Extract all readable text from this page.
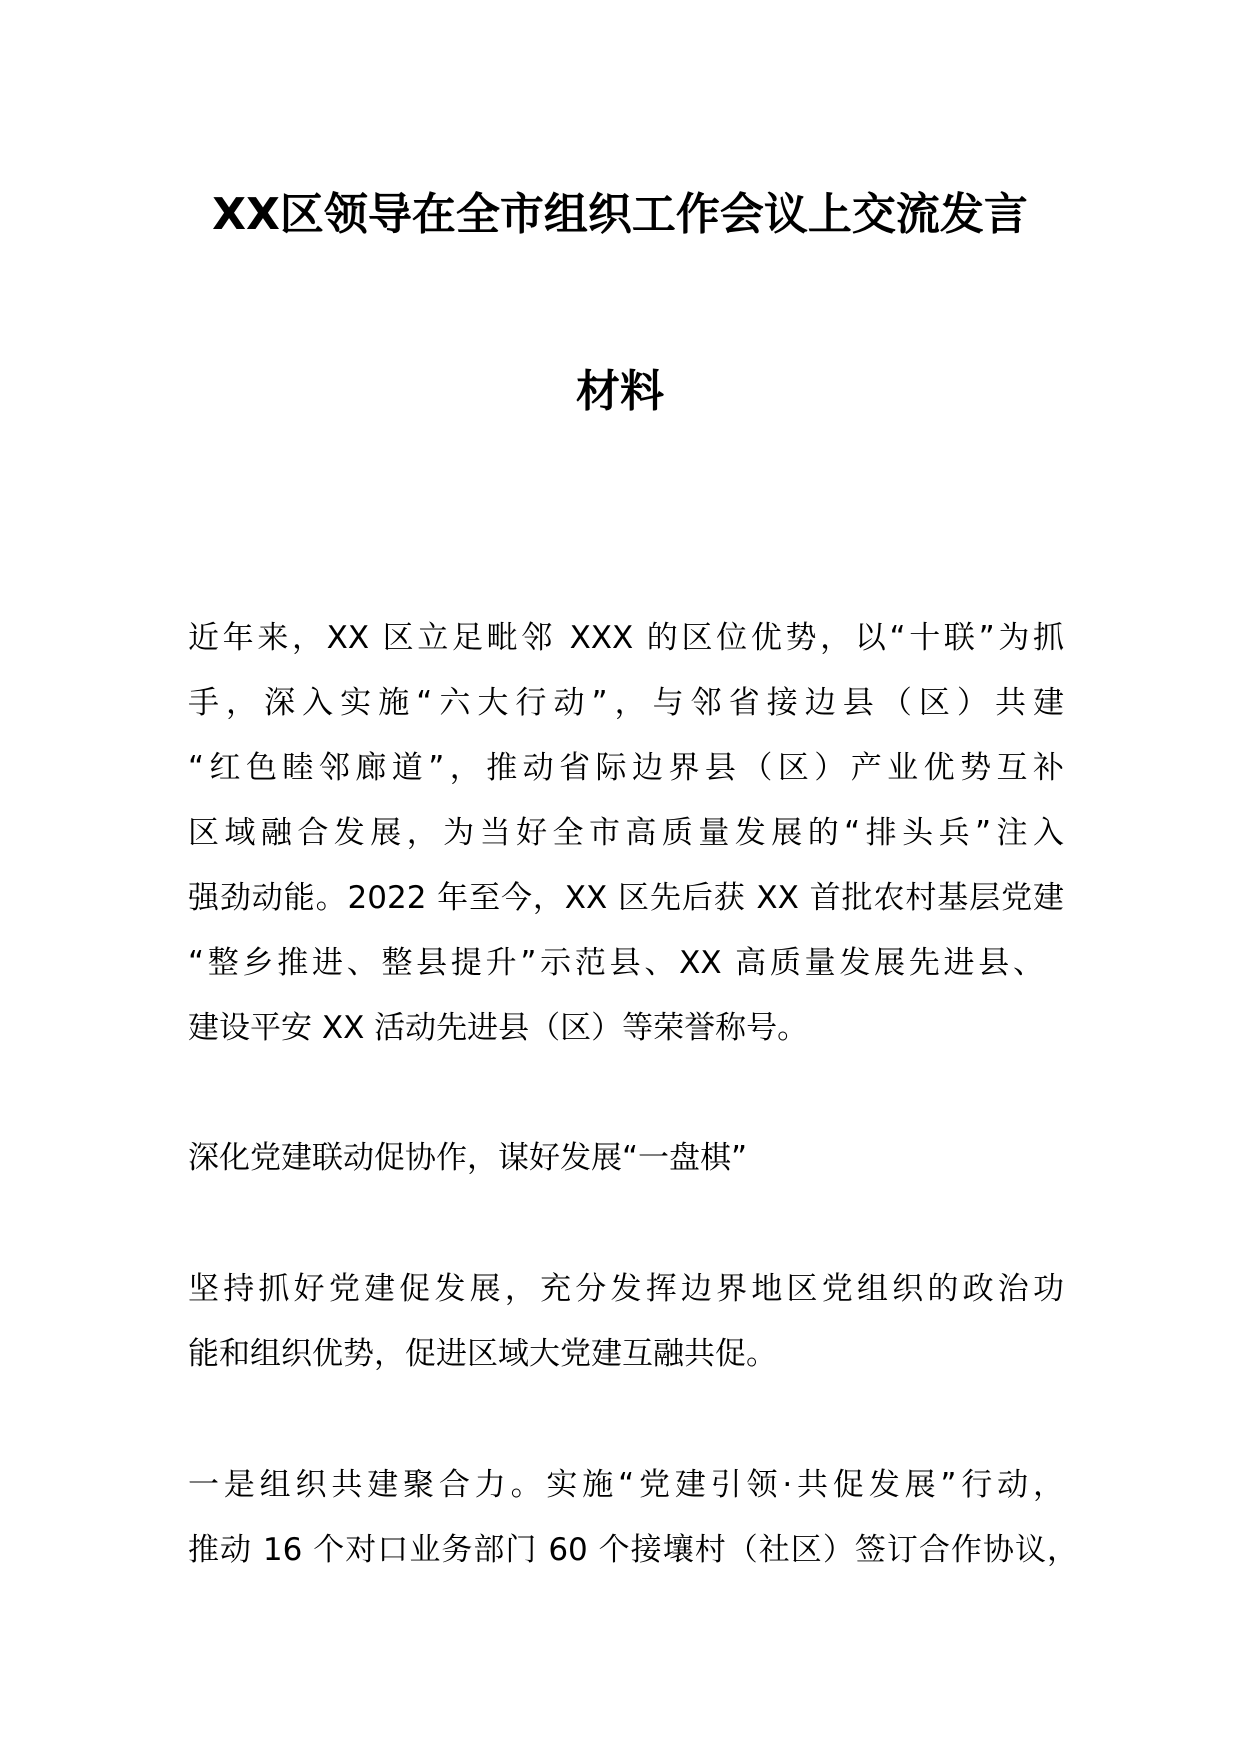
XX区领导在全市组织工作会议上交流发言
材料
近年来，XX 区立足毗邻 XXX 的区位优势，以“十联”为抓
手，深入实施“六大行动”，与邻省接边县（区）共建
“红色睦邻廊道”，推动省际边界县（区）产业优势互补
区域融合发展，为当好全市高质量发展的“排头兵”注入
强劲动能。2022 年至今，XX 区先后获 XX 首批农村基层党建
“整乡推进、整县提升”示范县、XX 高质量发展先进县、
建设平安 XX 活动先进县（区）等荣誉称号。
深化党建联动促协作，谋好发展“一盘棋”
坚持抓好党建促发展，充分发挥边界地区党组织的政治功
能和组织优势，促进区域大党建互融共促。
一是组织共建聚合力。实施“党建引领·共促发展”行动，
推动 16 个对口业务部门 60 个接壤村（社区）签订合作协议，
